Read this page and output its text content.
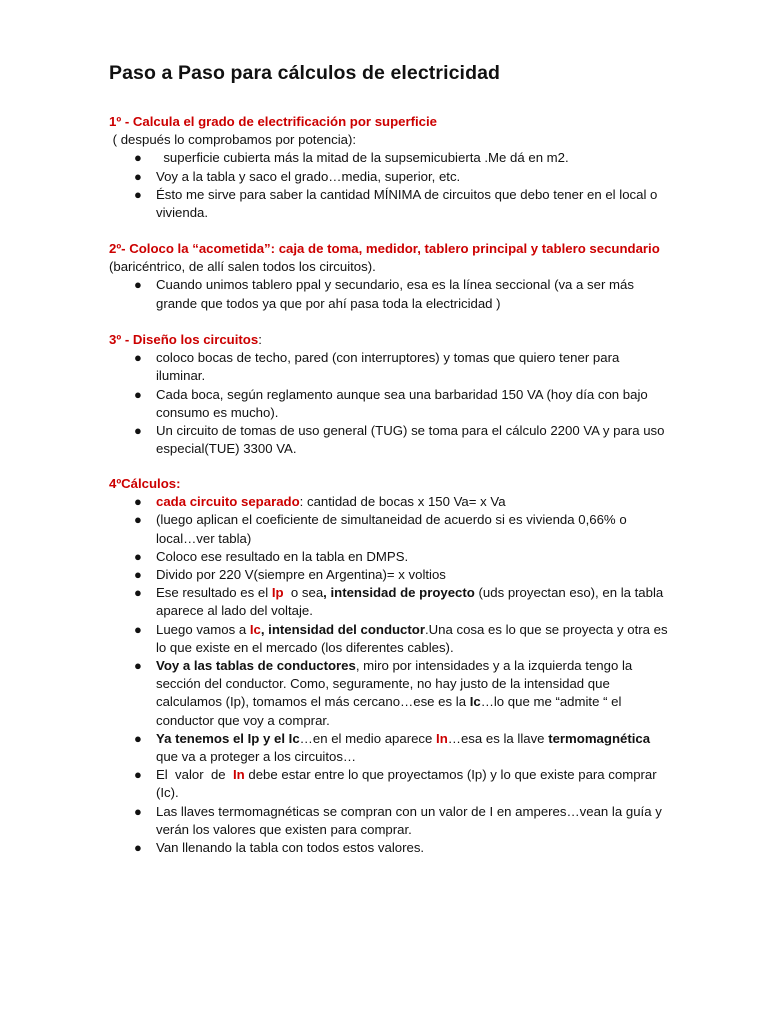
Paso a Paso para cálculos de electricidad

1º - Calcula el grado de electrificación por superficie

( después lo comprobamos por potencia):

● superficie cubierta más la mitad de la supsemicubierta .Me dá en m2.
● Voy a la tabla y saco el grado…media, superior, etc.
● Ésto me sirve para saber la cantidad MÍNIMA de circuitos que debo tener en el local o vivienda.

2º- Coloco la “acometida”: caja de toma, medidor, tablero principal y tablero secundario (baricéntrico, de allí salen todos los circuitos).

● Cuando unimos tablero ppal y secundario, esa es la línea seccional (va a ser más grande que todos ya que por ahí pasa toda la electricidad )

3º - Diseño los circuitos:

● coloco bocas de techo, pared (con interruptores) y tomas que quiero tener para iluminar.
● Cada boca, según reglamento aunque sea una barbaridad 150 VA (hoy día con bajo consumo es mucho).
● Un circuito de tomas de uso general (TUG) se toma para el cálculo 2200 VA y para uso especial(TUE) 3300 VA.

4ºCálculos:

● cada circuito separado: cantidad de bocas x 150 Va= x Va
● (luego aplican el coeficiente de simultaneidad de acuerdo si es vivienda 0,66% o local…ver tabla)
● Coloco ese resultado en la tabla en DMPS.
● Divido por 220 V(siempre en Argentina)= x voltios
● Ese resultado es el Ip  o sea, intensidad de proyecto (uds proyectan eso), en la tabla aparece al lado del voltaje.
● Luego vamos a Ic, intensidad del conductor.Una cosa es lo que se proyecta y otra es lo que existe en el mercado (los diferentes cables).
● Voy a las tablas de conductores, miro por intensidades y a la izquierda tengo la sección del conductor. Como, seguramente, no hay justo de la intensidad que calculamos (Ip), tomamos el más cercano…ese es la Ic…lo que me “admite “ el conductor que voy a comprar.
● Ya tenemos el Ip y el Ic…en el medio aparece In…esa es la llave termomagnética que va a proteger a los circuitos…
● El  valor  de  In debe estar entre lo que proyectamos (Ip) y lo que existe para comprar (Ic).
● Las llaves termomagnéticas se compran con un valor de I en amperes…vean la guía y verán los valores que existen para comprar.
● Van llenando la tabla con todos estos valores.
